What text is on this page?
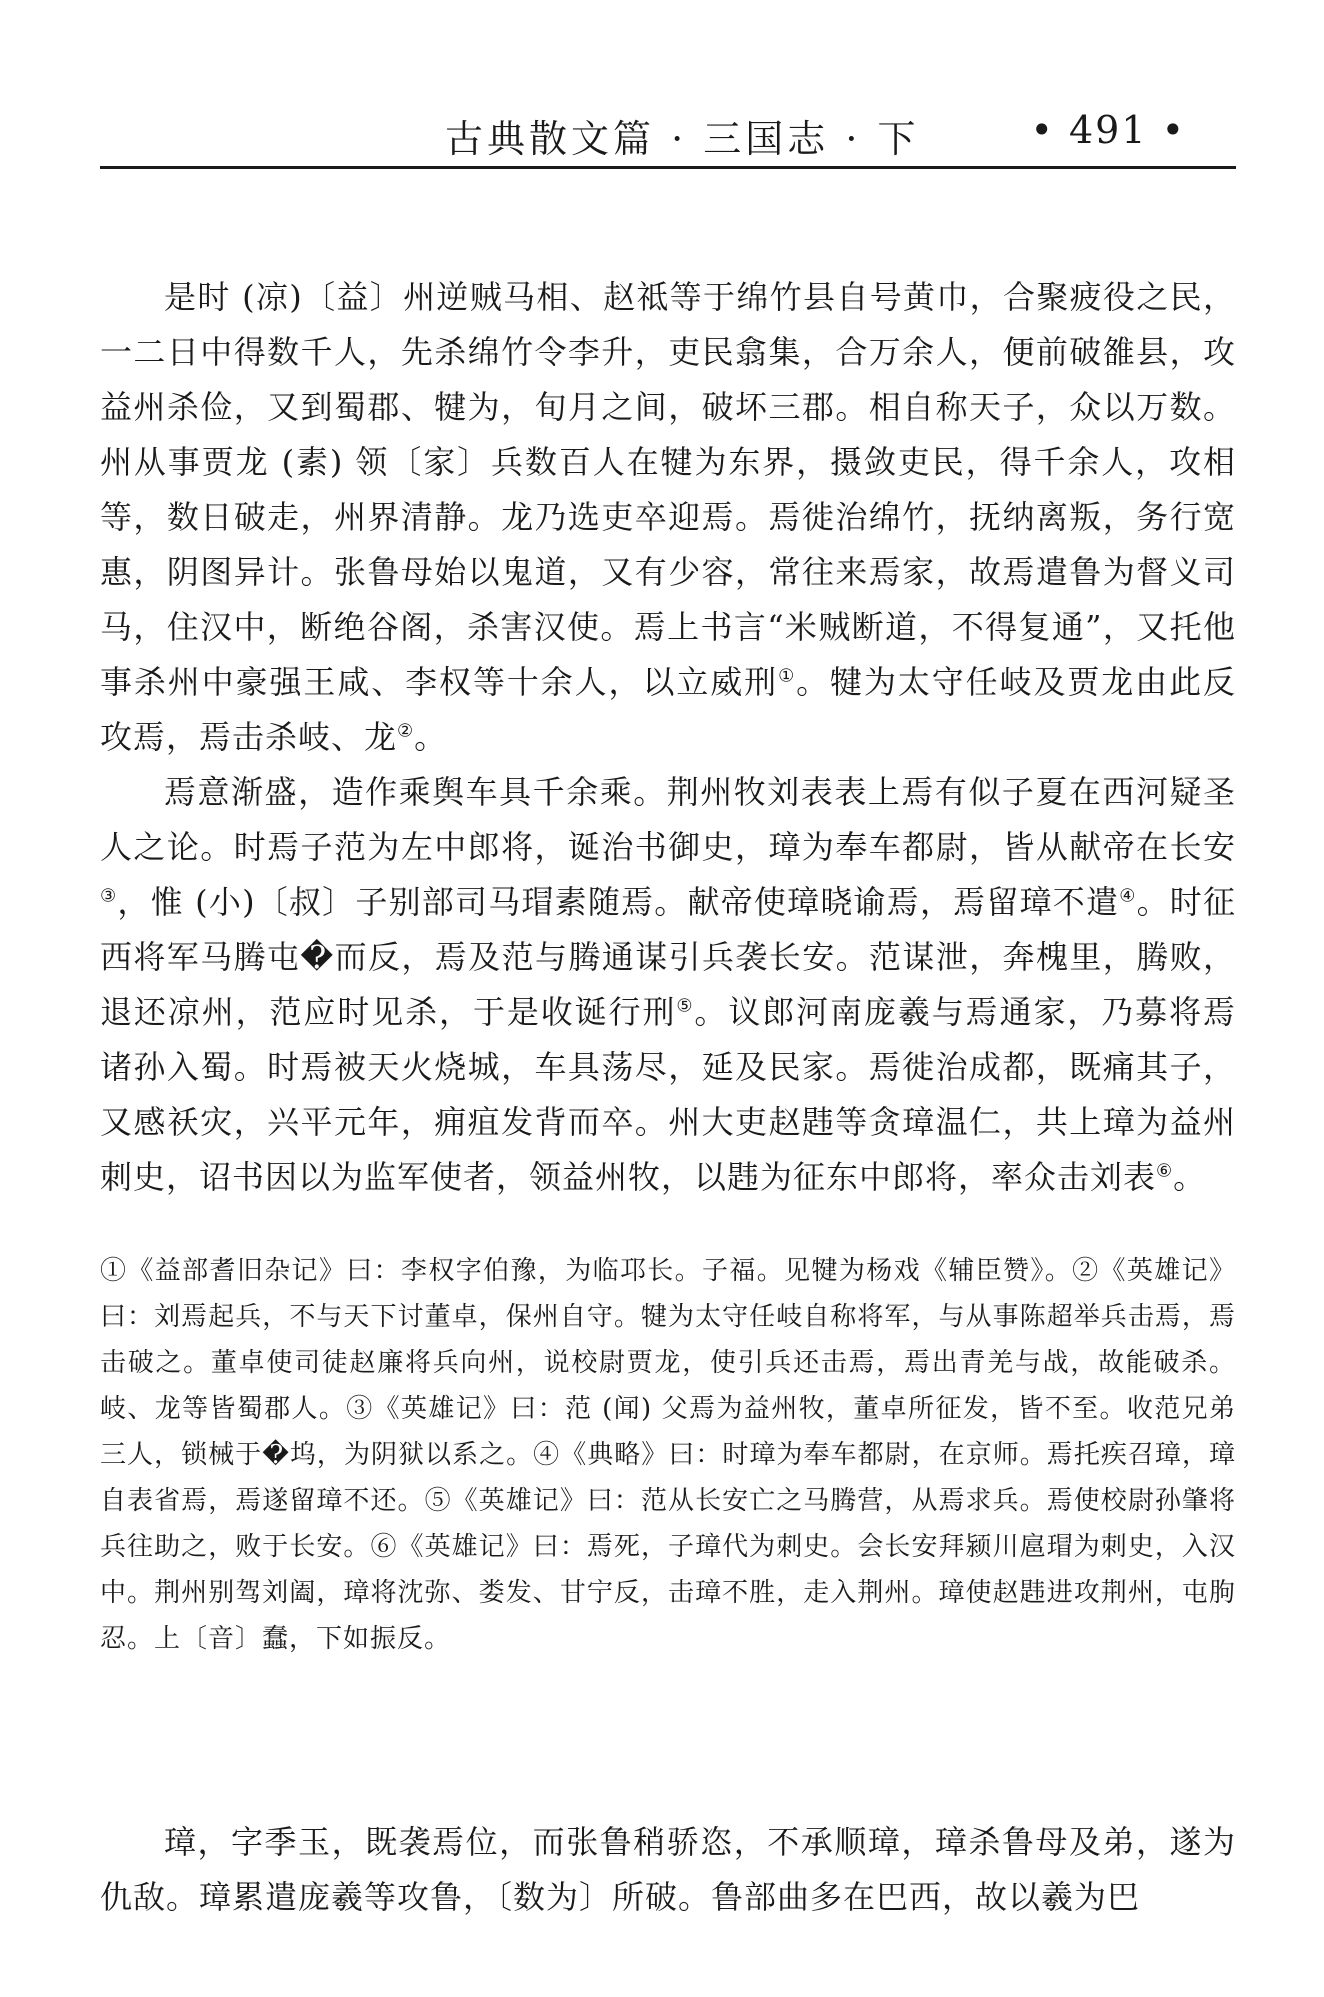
古典散文篇 · 三国志 · 下	• 491 •

是时 (凉)〔益〕州逆贼马相、赵祗等于绵竹县自号黄巾，合聚疲役之民，一二日中得数千人，先杀绵竹令李升，吏民翕集，合万余人，便前破雒县，攻益州杀俭，又到蜀郡、犍为，旬月之间，破坏三郡。相自称天子，众以万数。州从事贾龙 (素) 领〔家〕兵数百人在犍为东界，摄敛吏民，得千余人，攻相等，数日破走，州界清静。龙乃选吏卒迎焉。焉徙治绵竹，抚纳离叛，务行宽惠，阴图异计。张鲁母始以鬼道，又有少容，常往来焉家，故焉遣鲁为督义司马，住汉中，断绝谷阁，杀害汉使。焉上书言“米贼断道，不得复通”，又托他事杀州中豪强王咸、李权等十余人，以立威刑①。犍为太守任岐及贾龙由此反攻焉，焉击杀岐、龙②。

焉意渐盛，造作乘舆车具千余乘。荆州牧刘表表上焉有似子夏在西河疑圣人之论。时焉子范为左中郎将，诞治书御史，璋为奉车都尉，皆从献帝在长安③，惟 (小)〔叔〕子别部司马瑁素随焉。献帝使璋晓谕焉，焉留璋不遣④。时征西将军马腾屯�而反，焉及范与腾通谋引兵袭长安。范谋泄，奔槐里，腾败，退还凉州，范应时见杀，于是收诞行刑⑤。议郎河南庞羲与焉通家，乃募将焉诸孙入蜀。时焉被天火烧城，车具荡尽，延及民家。焉徙治成都，既痛其子，又感祅灾，兴平元年，痈疽发背而卒。州大吏赵韪等贪璋温仁，共上璋为益州刺史，诏书因以为监军使者，领益州牧，以韪为征东中郎将，率众击刘表⑥。

①《益部耆旧杂记》曰：李权字伯豫，为临邛长。子福。见犍为杨戏《辅臣赞》。②《英雄记》曰：刘焉起兵，不与天下讨董卓，保州自守。犍为太守任岐自称将军，与从事陈超举兵击焉，焉击破之。董卓使司徒赵廉将兵向州，说校尉贾龙，使引兵还击焉，焉出青羌与战，故能破杀。岐、龙等皆蜀郡人。③《英雄记》曰：范 (闻) 父焉为益州牧，董卓所征发，皆不至。收范兄弟三人，锁械于�坞，为阴狱以系之。④《典略》曰：时璋为奉车都尉，在京师。焉托疾召璋，璋自表省焉，焉遂留璋不还。⑤《英雄记》曰：范从长安亡之马腾营，从焉求兵。焉使校尉孙肇将兵往助之，败于长安。⑥《英雄记》曰：焉死，子璋代为刺史。会长安拜颍川扈瑁为刺史，入汉中。荆州别驾刘阖，璋将沈弥、娄发、甘宁反，击璋不胜，走入荆州。璋使赵韪进攻荆州，屯朐忍。上〔音〕蠢，下如振反。

璋，字季玉，既袭焉位，而张鲁稍骄恣，不承顺璋，璋杀鲁母及弟，遂为仇敌。璋累遣庞羲等攻鲁，〔数为〕所破。鲁部曲多在巴西，故以羲为巴
